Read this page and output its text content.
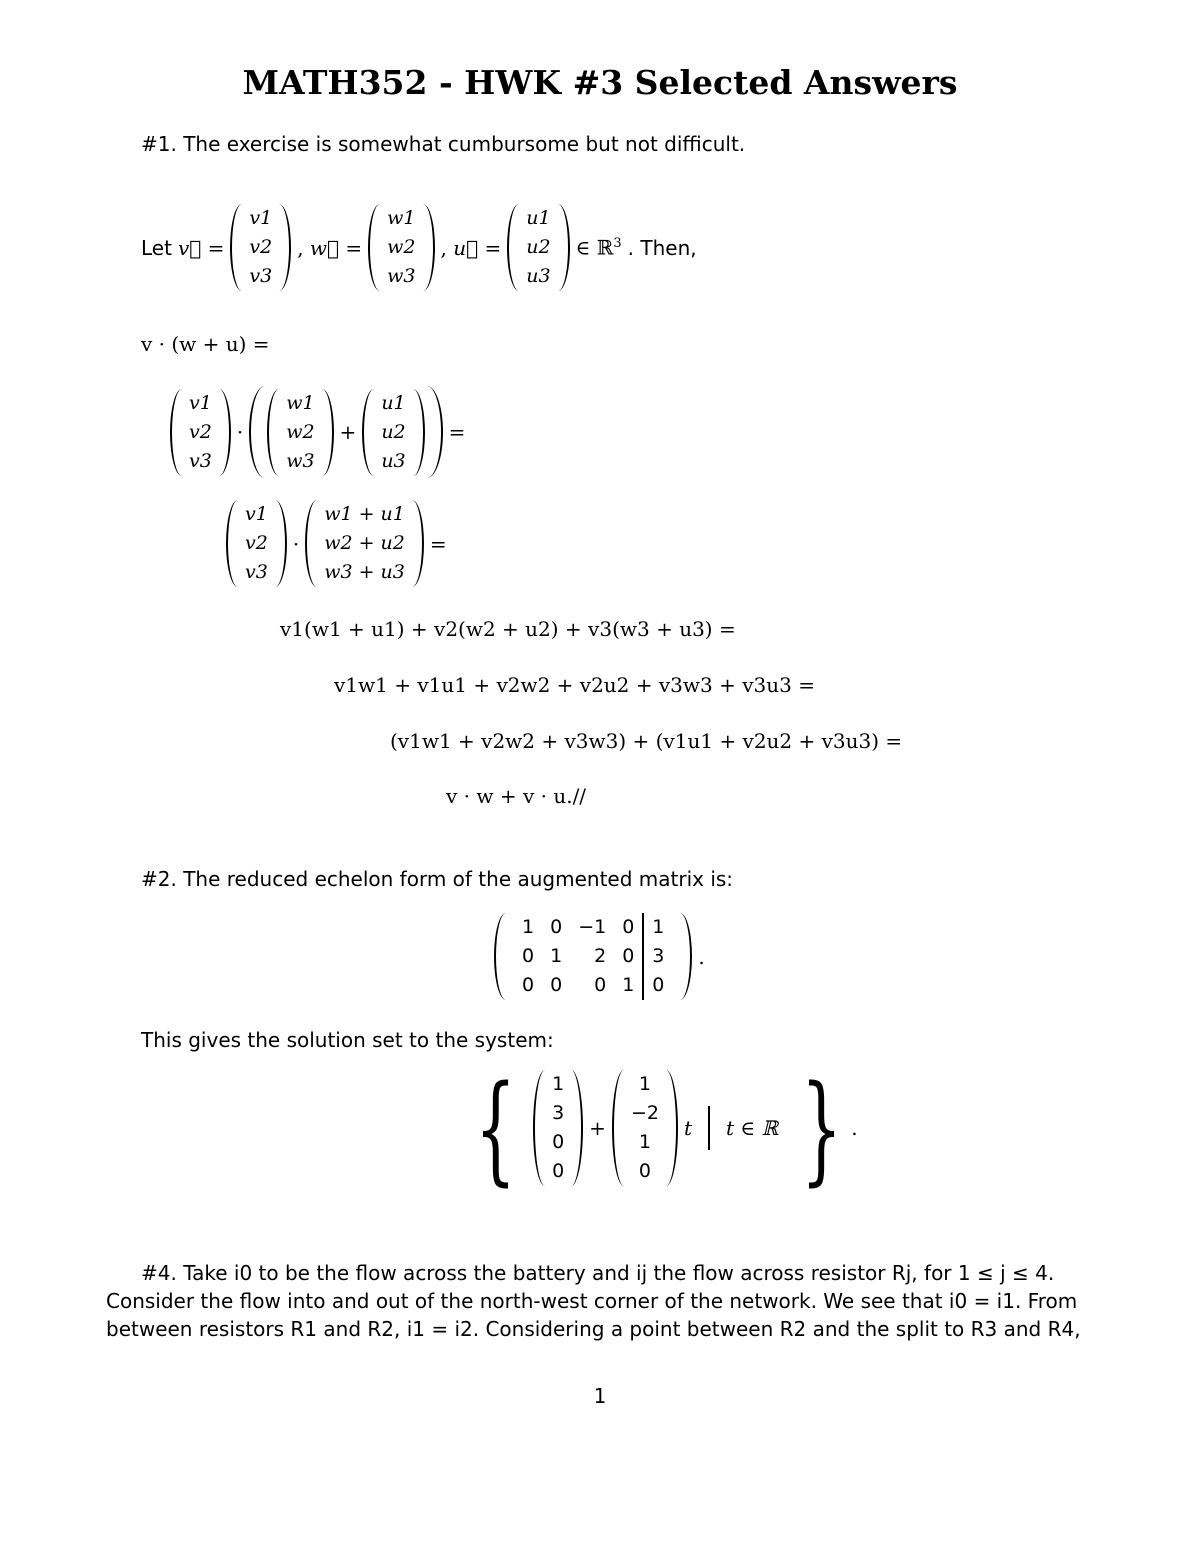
MATH352 - HWK #3 Selected Answers
#1. The exercise is somewhat cumbursome but not difficult.
Let v⃗ =
v1
v2
v3
, w⃗ =
w1
w2
w3
, u⃗ =
u1
u2
u3
∈ ℝ$^3$ . Then,
v · (w + u) =
v1
v2
v3
·
w1
w2
w3
+
u1
u2
u3
=
v1
v2
v3
·
w1 + u1
w2 + u2
w3 + u3
=
v1(w1 + u1) + v2(w2 + u2) + v3(w3 + u3) =
v1w1 + v1u1 + v2w2 + v2u2 + v3w3 + v3u3 =
(v1w1 + v2w2 + v3w3) + (v1u1 + v2u2 + v3u3) =
v · w + v · u.//
#2. The reduced echelon form of the augmented matrix is:
1 0 −1 0 1
0 1	2 0 3
0 0	0 1 0
.
This gives the solution set to the system:
{ 1
3
0
0
+
1
−2
1
0
t	t ∈ ℝ } .
#4. Take i0 to be the flow across the battery and ij the flow across resistor Rj, for 1 ≤ j ≤ 4.
Consider the flow into and out of the north-west corner of the network. We see that i0 = i1. From
between resistors R1 and R2, i1 = i2. Considering a point between R2 and the split to R3 and R4,
1
